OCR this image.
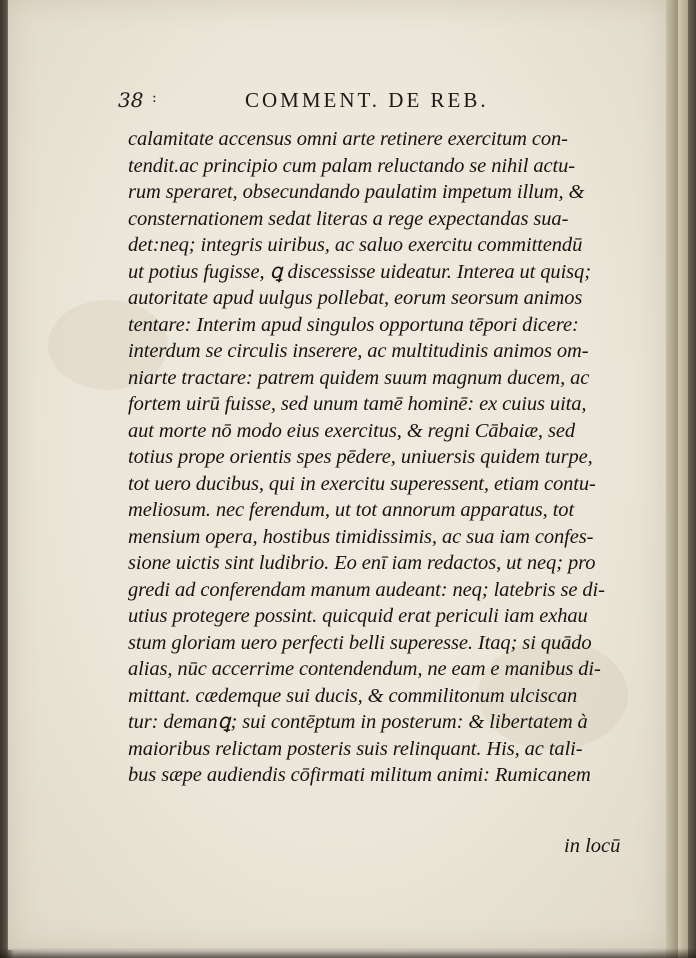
38 :	COMMENT. DE REB.
calamitate accensus omni arte retinere exercitum con-
tendit.ac principio cum palam reluctando se nihil actu-
rum speraret, obsecundando paulatim impetum illum, &
consternationem sedat literas a rege expectandas sua-
det:neq; integris uiribus, ac saluo exercitu committendū
ut potius fugisse, ꝗ discessisse uideatur. Interea ut quisq;
autoritate apud uulgus pollebat, eorum seorsum animos
tentare: Interim apud singulos opportuna tēpori dicere:
interdum se circulis inserere, ac multitudinis animos om-
niarte tractare: patrem quidem suum magnum ducem, ac
fortem uirū fuisse, sed unum tamē hominē: ex cuius uita,
aut morte nō modo eius exercitus, & regni Cābaiæ, sed
totius prope orientis spes pēdere, uniuersis quidem turpe,
tot uero ducibus, qui in exercitu superessent, etiam contu-
meliosum. nec ferendum, ut tot annorum apparatus, tot
mensium opera, hostibus timidissimis, ac sua iam confes-
sione uictis sint ludibrio. Eo enī iam redactos, ut neq; pro
gredi ad conferendam manum audeant: neq; latebris se di-
utius protegere possint. quicquid erat periculi iam exhau
stum gloriam uero perfecti belli superesse. Itaq; si quādo
alias, nūc accerrime contendendum, ne eam e manibus di-
mittant. cædemque sui ducis, & commilitonum ulciscan
tur: demanꝗ; sui contēptum in posterum: & libertatem à
maioribus relictam posteris suis relinquant. His, ac tali-
bus sæpe audiendis cōfirmati militum animi: Rumicanem
in locū
